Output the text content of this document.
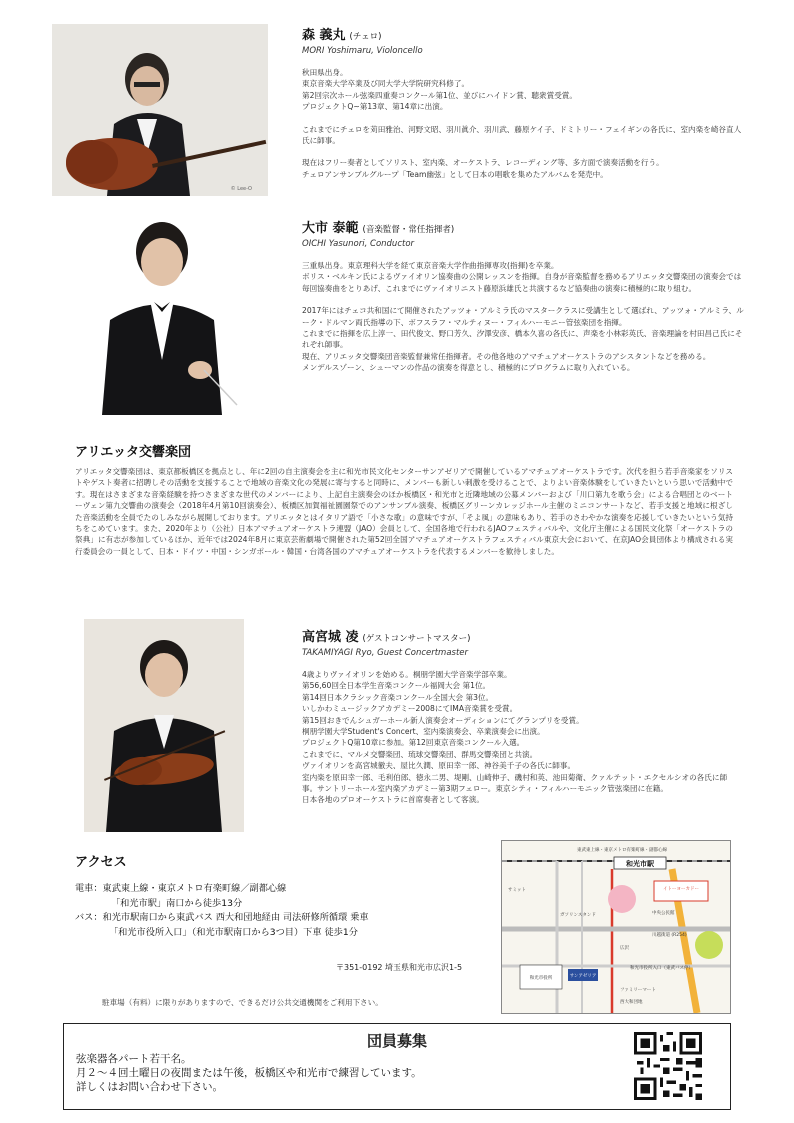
© Lee-O
森 義丸 (チェロ)
MORI Yoshimaru, Violoncello

秋田県出身。

東京音楽大学卒業及び同大学大学院研究科修了。

第2回宗次ホール弦楽四重奏コンクール第1位、並びにハイドン賞、聴衆賞受賞。

プロジェクトQ~第13章、第14章に出演。

これまでにチェロを苅田雅治、河野文昭、羽川眞介、羽川武、藤原ケイ子、ドミトリー・フェイギンの各氏に、室内楽を崎谷直人氏に師事。

現在はフリー奏者としてソリスト、室内楽、オーケストラ、レコーディング等、多方面で演奏活動を行う。

チェロアンサンブルグループ「Team幽弦」として日本の唱歌を集めたアルバムを発売中。

大市 泰範 (音楽監督・常任指揮者)
OICHI Yasunori, Conductor

三重県出身。東京理科大学を経て東京音楽大学作曲指揮専攻(指揮)を卒業。

ボリス・ベルキン氏によるヴァイオリン協奏曲の公開レッスンを指揮。自身が音楽監督を務めるアリエッタ交響楽団の演奏会では毎回協奏曲をとりあげ、これまでにヴァイオリニスト藤原浜雄氏と共演するなど協奏曲の演奏に積極的に取り組む。

2017年にはチェコ共和国にて開催されたアッツォ・アルミラ氏のマスタークラスに受講生として選ばれ、アッツォ・アルミラ、ルーク・ドルマン両氏指導の下、ボフスラフ・マルティヌー・フィルハーモニー管弦楽団を指揮。

これまでに指揮を広上淳一、田代俊文、野口芳久、汐澤安彦、橋本久喜の各氏に、声楽を小林彩英氏、音楽理論を村田昌己氏にそれぞれ師事。

現在、アリエッタ交響楽団音楽監督兼常任指揮者。その他各地のアマチュアオーケストラのアシスタントなどを務める。

メンデルスゾーン、シューマンの作品の演奏を得意とし、積極的にプログラムに取り入れている。

アリエッタ交響楽団
アリエッタ交響楽団は、東京都板橋区を拠点とし、年に2回の自主演奏会を主に和光市民文化センターサンアゼリアで開催しているアマチュアオーケストラです。次代を担う若手音楽家をソリストやゲスト奏者に招聘しその活動を支援することで地域の音楽文化の発展に寄与すると同時に、メンバーも新しい刺激を受けることで、よりよい音楽体験をしていきたいという思いで活動中です。現在はさまざまな音楽経験を持つさまざまな世代のメンバーにより、上記自主演奏会のほか板橋区・和光市と近隣地域の公募メンバーおよび「川口第九を歌う会」による合唱団とのベートーヴェン第九交響曲の演奏会（2018年4月第10回演奏会）、板橋区加賀福祉園園祭でのアンサンブル演奏、板橋区グリーンカレッジホール主催のミニコンサートなど、若手支援と地域に根ざした音楽活動を全員でたのしみながら展開しております。アリエッタとはイタリア語で「小さな歌」の意味ですが、「そよ風」の意味もあり、若手のさわやかな演奏を応援していきたいという気持ちをこめています。また、2020年より（公社）日本アマチュアオーケストラ連盟（JAO）会員として、全国各地で行われるJAOフェスティバルや、文化庁主催による国民文化祭「オーケストラの祭典」に有志が参加しているほか、近年では2024年8月に東京芸術劇場で開催された第52回全国アマチュアオーケストラフェスティバル東京大会において、在京JAO会員団体より構成される実行委員会の一員として、日本・ドイツ・中国・シンガポール・韓国・台湾各国のアマチュアオーケストラを代表するメンバーを歓待しました。
高宮城 凌 (ゲストコンサートマスター)
TAKAMIYAGI Ryo, Guest Concertmaster

4歳よりヴァイオリンを始める。桐朋学園大学音楽学部卒業。

第56,60回全日本学生音楽コンクール福岡大会 第1位。

第14回日本クラシック音楽コンクール全国大会 第3位。

いしかわミュージックアカデミー2008にてIMA音楽賞を受賞。

第15回おきでんシュガーホール新人演奏会オーディションにてグランプリを受賞。

桐朋学園大学Student's Concert、室内楽演奏会、卒業演奏会に出演。

プロジェクトQ第10章に参加。第12回東京音楽コンクール入選。

これまでに、マルメ交響楽団、琉球交響楽団、群馬交響楽団と共演。

ヴァイオリンを高宮城徹夫、屋比久潤、原田幸一郎、神谷美千子の各氏に師事。

室内楽を原田幸一郎、毛利伯郎、徳永二男、堤剛、山崎伸子、磯村和英、池田菊衛、クァルテット・エクセルシオの各氏に師事。サントリーホール室内楽アカデミー第3期フェロー。東京シティ・フィルハーモニック管弦楽団に在籍。

日本各地のプロオーケストラに首席奏者として客演。

アクセス
電車：東武東上線・東京メトロ有楽町線／副都心線
「和光市駅」南口から徒歩13分
バス：和光市駅南口から東武バス 西大和団地経由 司法研修所循環 乗車
「和光市役所入口」（和光市駅南口から3つ目）下車 徒歩1分
〒351-0192 埼玉県和光市広沢1-5
駐車場（有料）に限りがありますので、できるだけ公共交通機関をご利用下さい。
東武東上線・東京メトロ有楽町線・副都心線
和光市駅
イトーヨーカドー
サミット
ガソリンスタンド	中央公民館
川越街道 (R254)
広沢
和光市役所	サンアゼリア
ファミリーマート
西大和団地
和光市役所入口（東武バス停）
団員募集
弦楽器各パート若干名。
月２～４回土曜日の夜間または午後，板橋区や和光市で練習しています。
詳しくはお問い合わせ下さい。
